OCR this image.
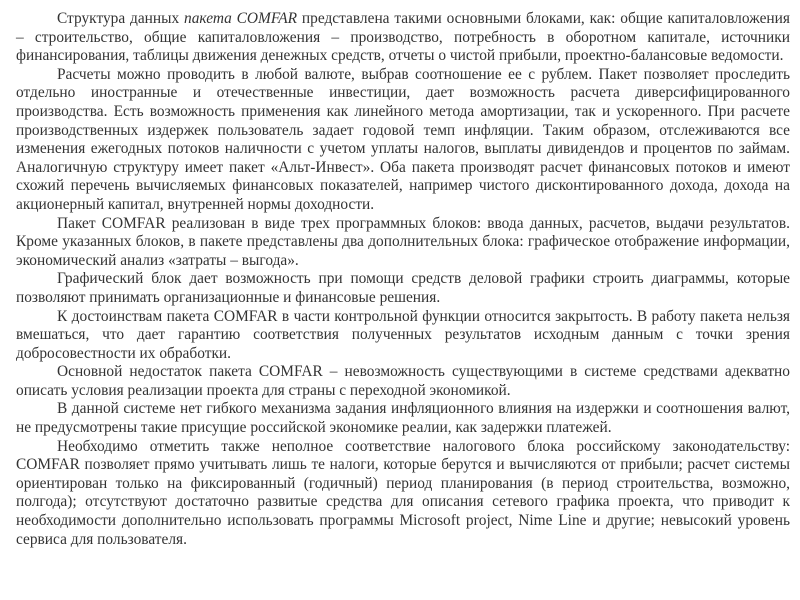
Структура данных пакета COMFAR представлена такими основными блоками, как: общие капиталовложения – строительство, общие капиталовложения – производство, потребность в оборотном капитале, источники финансирования, таблицы движения денежных средств, отчеты о чистой прибыли, проектно-балансовые ведомости.

Расчеты можно проводить в любой валюте, выбрав соотношение ее с рублем. Пакет позволяет проследить отдельно иностранные и отечественные инвестиции, дает возможность расчета диверсифицированного производства. Есть возможность применения как линейного метода амортизации, так и ускоренного. При расчете производственных издержек пользователь задает годовой темп инфляции. Таким образом, отслеживаются все изменения ежегодных потоков наличности с учетом уплаты налогов, выплаты дивидендов и процентов по займам. Аналогичную структуру имеет пакет «Альт-Инвест». Оба пакета производят расчет финансовых потоков и имеют схожий перечень вычисляемых финансовых показателей, например чистого дисконтированного дохода, дохода на акционерный капитал, внутренней нормы доходности.

Пакет COMFAR реализован в виде трех программных блоков: ввода данных, расчетов, выдачи результатов. Кроме указанных блоков, в пакете представлены два дополнительных блока: графическое отображение информации, экономический анализ «затраты – выгода».

Графический блок дает возможность при помощи средств деловой графики строить диаграммы, которые позволяют принимать организационные и финансовые решения.

К достоинствам пакета COMFAR в части контрольной функции относится закрытость. В работу пакета нельзя вмешаться, что дает гарантию соответствия полученных результатов исходным данным с точки зрения добросовестности их обработки.

Основной недостаток пакета COMFAR – невозможность существующими в системе средствами адекватно описать условия реализации проекта для страны с переходной экономикой.

В данной системе нет гибкого механизма задания инфляционного влияния на издержки и соотношения валют, не предусмотрены такие присущие российской экономике реалии, как задержки платежей.

Необходимо отметить также неполное соответствие налогового блока российскому законодательству: COMFAR позволяет прямо учитывать лишь те налоги, которые берутся и вычисляются от прибыли; расчет системы ориентирован только на фиксированный (годичный) период планирования (в период строительства, возможно, полгода); отсутствуют достаточно развитые средства для описания сетевого графика проекта, что приводит к необходимости дополнительно использовать программы Microsoft project, Nime Line и другие; невысокий уровень сервиса для пользователя.
